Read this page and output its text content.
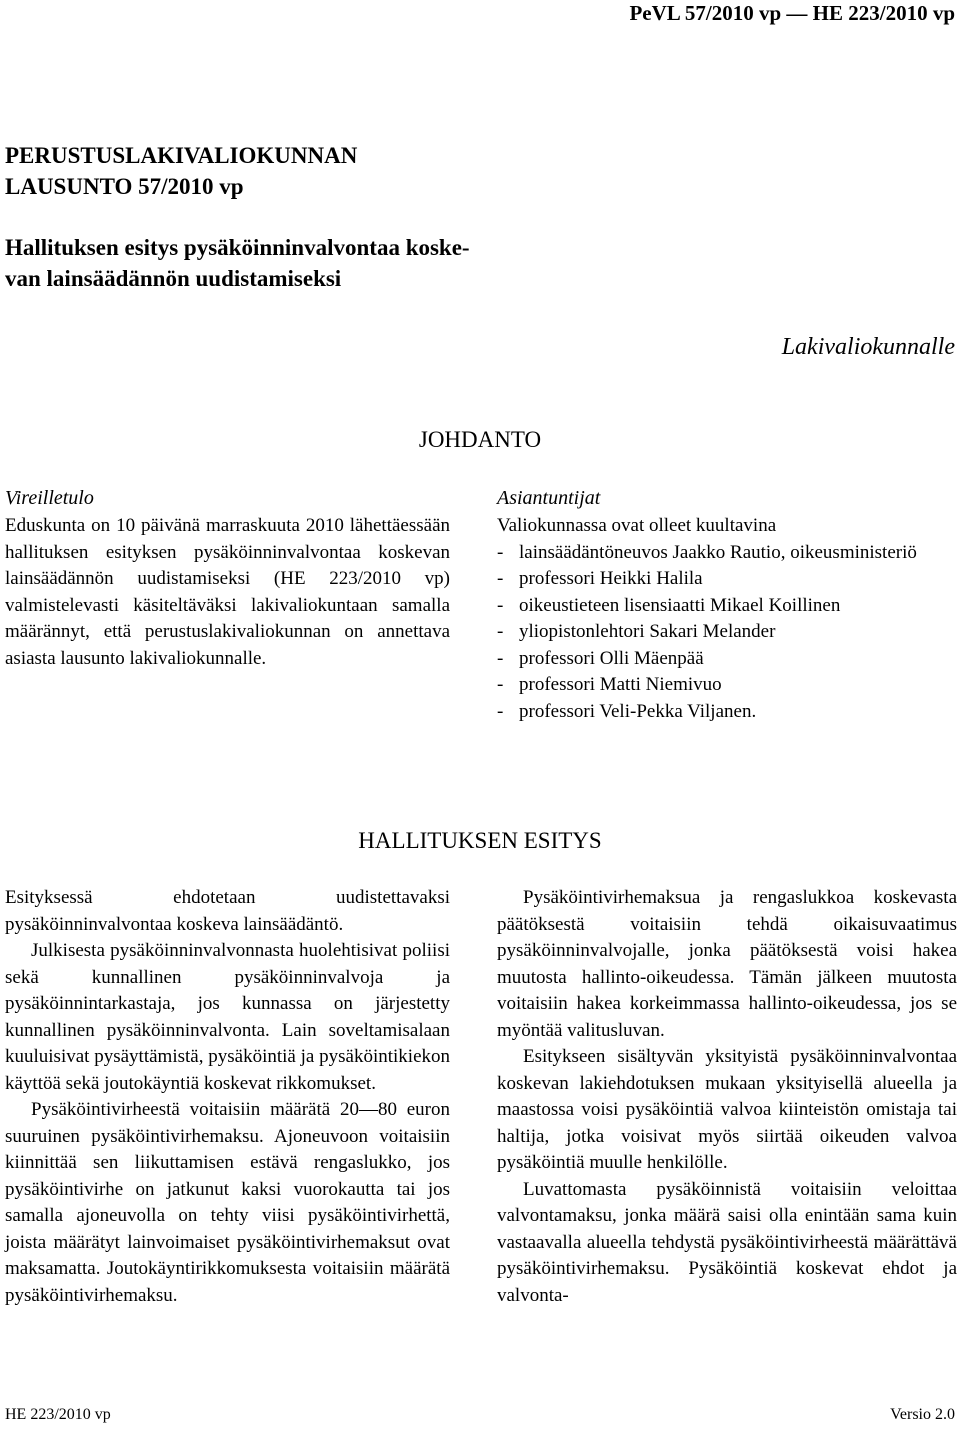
PeVL 57/2010 vp — HE 223/2010 vp
PERUSTUSLAKIVALIOKUNNAN
LAUSUNTO 57/2010 vp
Hallituksen esitys pysäköinninvalvontaa koske-
van lainsäädännön uudistamiseksi
Lakivaliokunnalle
JOHDANTO
Vireilletulo

Eduskunta on 10 päivänä marraskuuta 2010 lähettäessään hallituksen esityksen pysäköinninvalvontaa koskevan lainsäädännön uudistamiseksi (HE 223/2010 vp) valmistelevasti käsiteltäväksi lakivaliokuntaan samalla määrännyt, että perustuslakivaliokunnan on annettava asiasta lausunto lakivaliokunnalle.

Asiantuntijat

Valiokunnassa ovat olleet kuultavina

- lainsäädäntöneuvos Jaakko Rautio, oikeusministeriö
- professori Heikki Halila
- oikeustieteen lisensiaatti Mikael Koillinen
- yliopistonlehtori Sakari Melander
- professori Olli Mäenpää
- professori Matti Niemivuo
- professori Veli-Pekka Viljanen.
HALLITUKSEN ESITYS

Esityksessä ehdotetaan uudistettavaksi pysäköinninvalvontaa koskeva lainsäädäntö.

Julkisesta pysäköinninvalvonnasta huolehtisivat poliisi sekä kunnallinen pysäköinninvalvoja ja pysäköinnintarkastaja, jos kunnassa on järjestetty kunnallinen pysäköinninvalvonta. Lain soveltamisalaan kuuluisivat pysäyttämistä, pysäköintiä ja pysäköintikiekon käyttöä sekä joutokäyntiä koskevat rikkomukset.

Pysäköintivirheestä voitaisiin määrätä 20—80 euron suuruinen pysäköintivirhemaksu. Ajoneuvoon voitaisiin kiinnittää sen liikuttamisen estävä rengaslukko, jos pysäköintivirhe on jatkunut kaksi vuorokautta tai jos samalla ajoneuvolla on tehty viisi pysäköintivirhettä, joista määrätyt lainvoimaiset pysäköintivirhemaksut ovat maksamatta. Joutokäyntirikkomuksesta voitaisiin määrätä pysäköintivirhemaksu.

Pysäköintivirhemaksua ja rengaslukkoa koskevasta päätöksestä voitaisiin tehdä oikaisuvaatimus pysäköinninvalvojalle, jonka päätöksestä voisi hakea muutosta hallinto-oikeudessa. Tämän jälkeen muutosta voitaisiin hakea korkeimmassa hallinto-oikeudessa, jos se myöntää valitusluvan.

Esitykseen sisältyvän yksityistä pysäköinninvalvontaa koskevan lakiehdotuksen mukaan yksityisellä alueella ja maastossa voisi pysäköintiä valvoa kiinteistön omistaja tai haltija, jotka voisivat myös siirtää oikeuden valvoa pysäköintiä muulle henkilölle.

Luvattomasta pysäköinnistä voitaisiin veloittaa valvontamaksu, jonka määrä saisi olla enintään sama kuin vastaavalla alueella tehdystä pysäköintivirheestä määrättävä pysäköintivirhemaksu. Pysäköintiä koskevat ehdot ja valvonta-

HE 223/2010 vp	Versio 2.0
